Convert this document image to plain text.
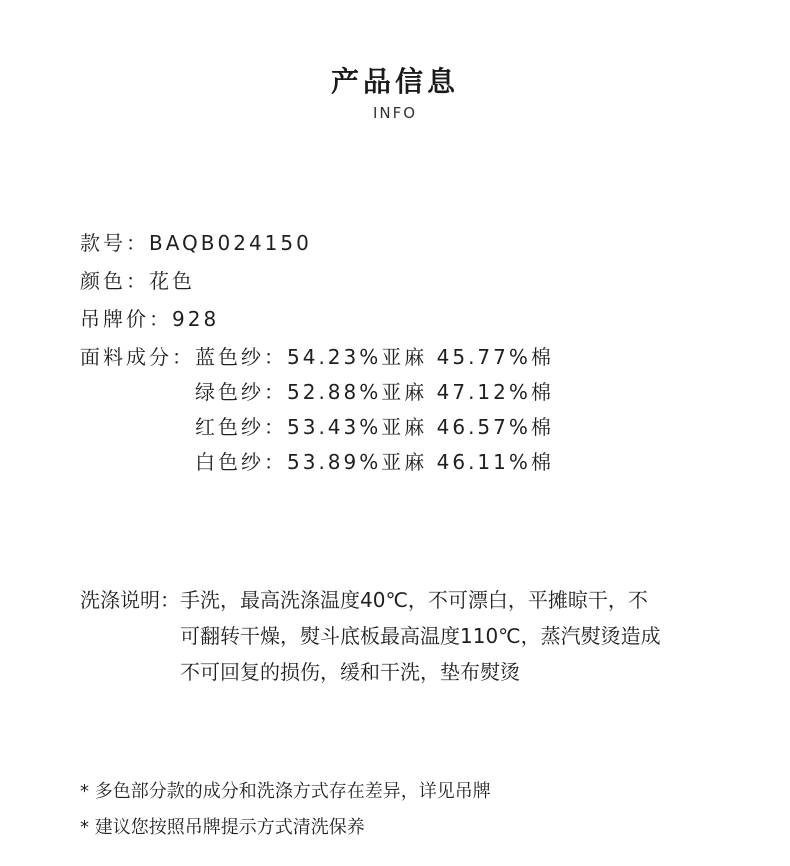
产品信息
INFO
款号：BAQB024150
颜色：花色
吊牌价：928
面料成分： 蓝色纱：54.23%亚麻 45.77%棉
绿色纱：52.88%亚麻 47.12%棉
红色纱：53.43%亚麻 46.57%棉
白色纱：53.89%亚麻 46.11%棉
洗涤说明： 手洗，最高洗涤温度40℃，不可漂白，平摊晾干，不
可翻转干燥，熨斗底板最高温度110℃，蒸汽熨烫造成
不可回复的损伤，缓和干洗，垫布熨烫
* 多色部分款的成分和洗涤方式存在差异，详见吊牌
* 建议您按照吊牌提示方式清洗保养
